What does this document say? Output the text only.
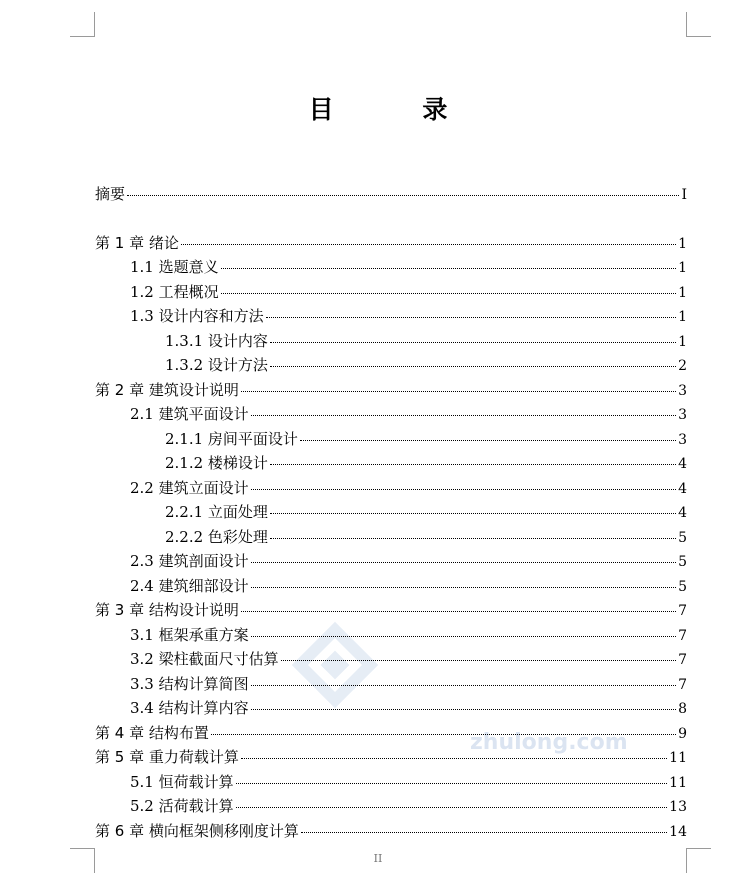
目 录
zhulong.com
摘要	I
第 1 章 绪论	1
1.1 选题意义	1
1.2 工程概况	1
1.3 设计内容和方法	1
1.3.1 设计内容	1
1.3.2 设计方法	2
第 2 章 建筑设计说明	3
2.1 建筑平面设计	3
2.1.1 房间平面设计	3
2.1.2 楼梯设计	4
2.2 建筑立面设计	4
2.2.1 立面处理	4
2.2.2 色彩处理	5
2.3 建筑剖面设计	5
2.4 建筑细部设计	5
第 3 章 结构设计说明	7
3.1 框架承重方案	7
3.2 梁柱截面尺寸估算	7
3.3 结构计算简图	7
3.4 结构计算内容	8
第 4 章 结构布置	9
第 5 章 重力荷载计算	11
5.1 恒荷载计算	11
5.2 活荷载计算	13
第 6 章 横向框架侧移刚度计算	14
II
